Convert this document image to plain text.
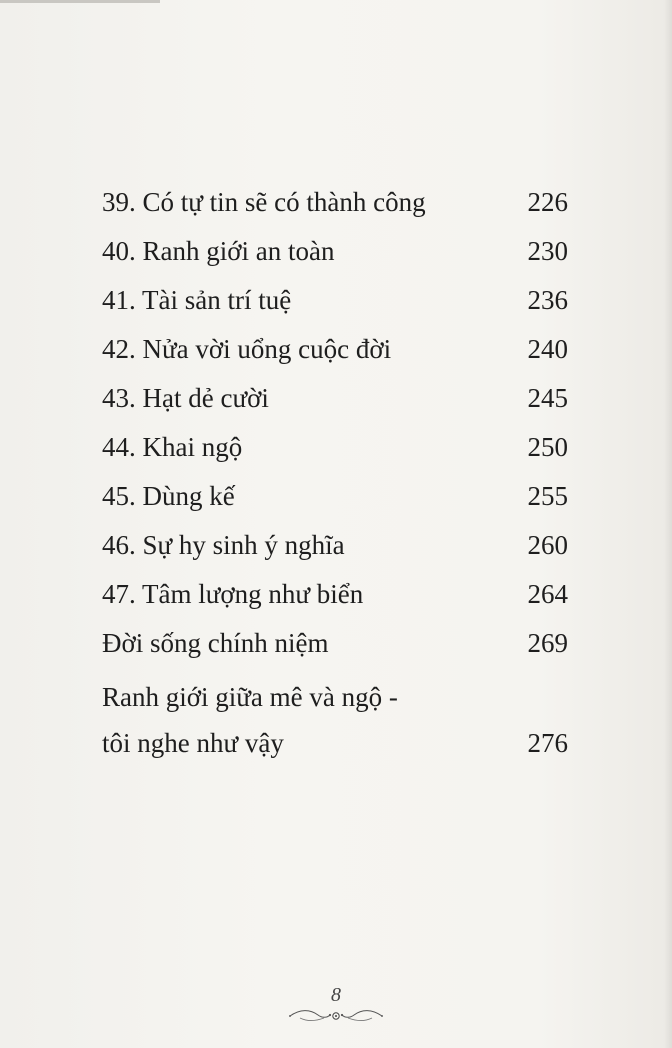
39. Có tự tin sẽ có thành công	226
40. Ranh giới an toàn	230
41. Tài sản trí tuệ	236
42. Nửa vời uổng cuộc đời	240
43. Hạt dẻ cười	245
44. Khai ngộ	250
45. Dùng kế	255
46. Sự hy sinh ý nghĩa	260
47. Tâm lượng như biển	264
Đời sống chính niệm	269
Ranh giới giữa mê và ngộ -
tôi nghe như vậy	276
8
